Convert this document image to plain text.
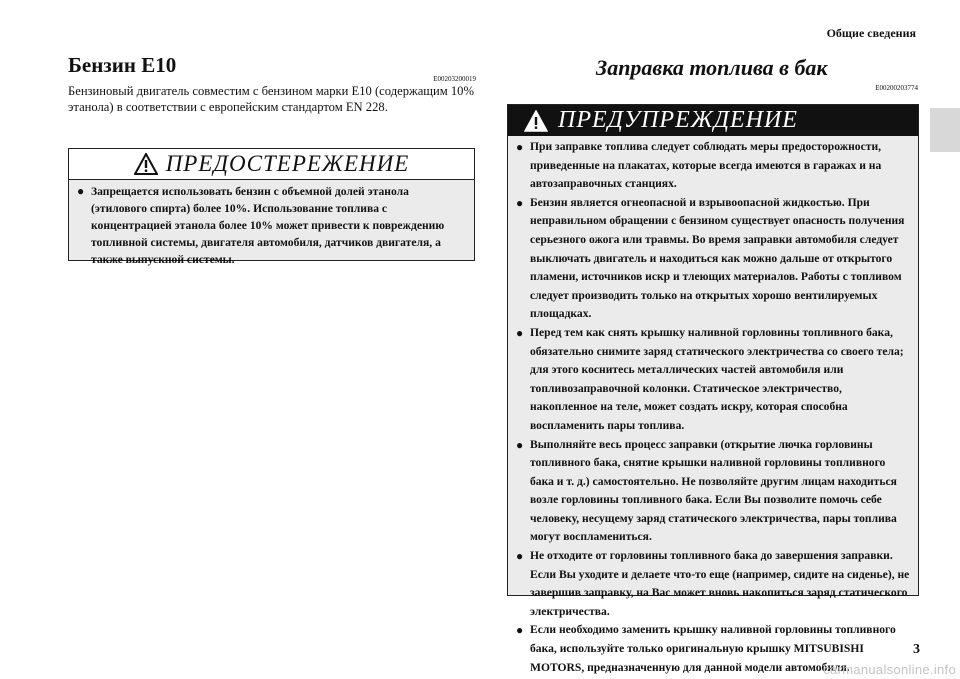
Общие сведения
Бензин E10
E00203200019
Бензиновый двигатель совместим с бензином марки E10 (содержащим 10% этанола) в соответствии с европейским стандартом EN 228.
ПРЕДОСТЕРЕЖЕНИЕ
● Запрещается использовать бензин с объемной долей этанола (этилового спирта) более 10%. Использование топлива с концентрацией этанола более 10% может привести к повреждению топливной системы, двигателя автомобиля, датчиков двигателя, а также выпускной системы.
Заправка топлива в бак
E00200203774
ПРЕДУПРЕЖДЕНИЕ
● При заправке топлива следует соблюдать меры предосторожности, приведенные на плакатах, которые всегда имеются в гаражах и на автозаправочных станциях.
● Бензин является огнеопасной и взрывоопасной жидкостью. При неправильном обращении с бензином существует опасность получения серьезного ожога или травмы. Во время заправки автомобиля следует выключать двигатель и находиться как можно дальше от открытого пламени, источников искр и тлеющих материалов. Работы с топливом следует производить только на открытых хорошо вентилируемых площадках.
● Перед тем как снять крышку наливной горловины топливного бака, обязательно снимите заряд статического электричества со своего тела; для этого коснитесь металлических частей автомобиля или топливозаправочной колонки. Статическое электричество, накопленное на теле, может создать искру, которая способна воспламенить пары топлива.
● Выполняйте весь процесс заправки (открытие лючка горловины топливного бака, снятие крышки наливной горловины топливного бака и т. д.) самостоятельно. Не позволяйте другим лицам находиться возле горловины топливного бака. Если Вы позволите помочь себе человеку, несущему заряд статического электричества, пары топлива могут воспламениться.
● Не отходите от горловины топливного бака до завершения заправки. Если Вы уходите и делаете что-то еще (например, сидите на сиденье), не завершив заправку, на Вас может вновь накопиться заряд статического электричества.
● Если необходимо заменить крышку наливной горловины топливного бака, используйте только оригинальную крышку MITSUBISHI MOTORS, предназначенную для данной модели автомобиля.
3
carmanualsonline.info
